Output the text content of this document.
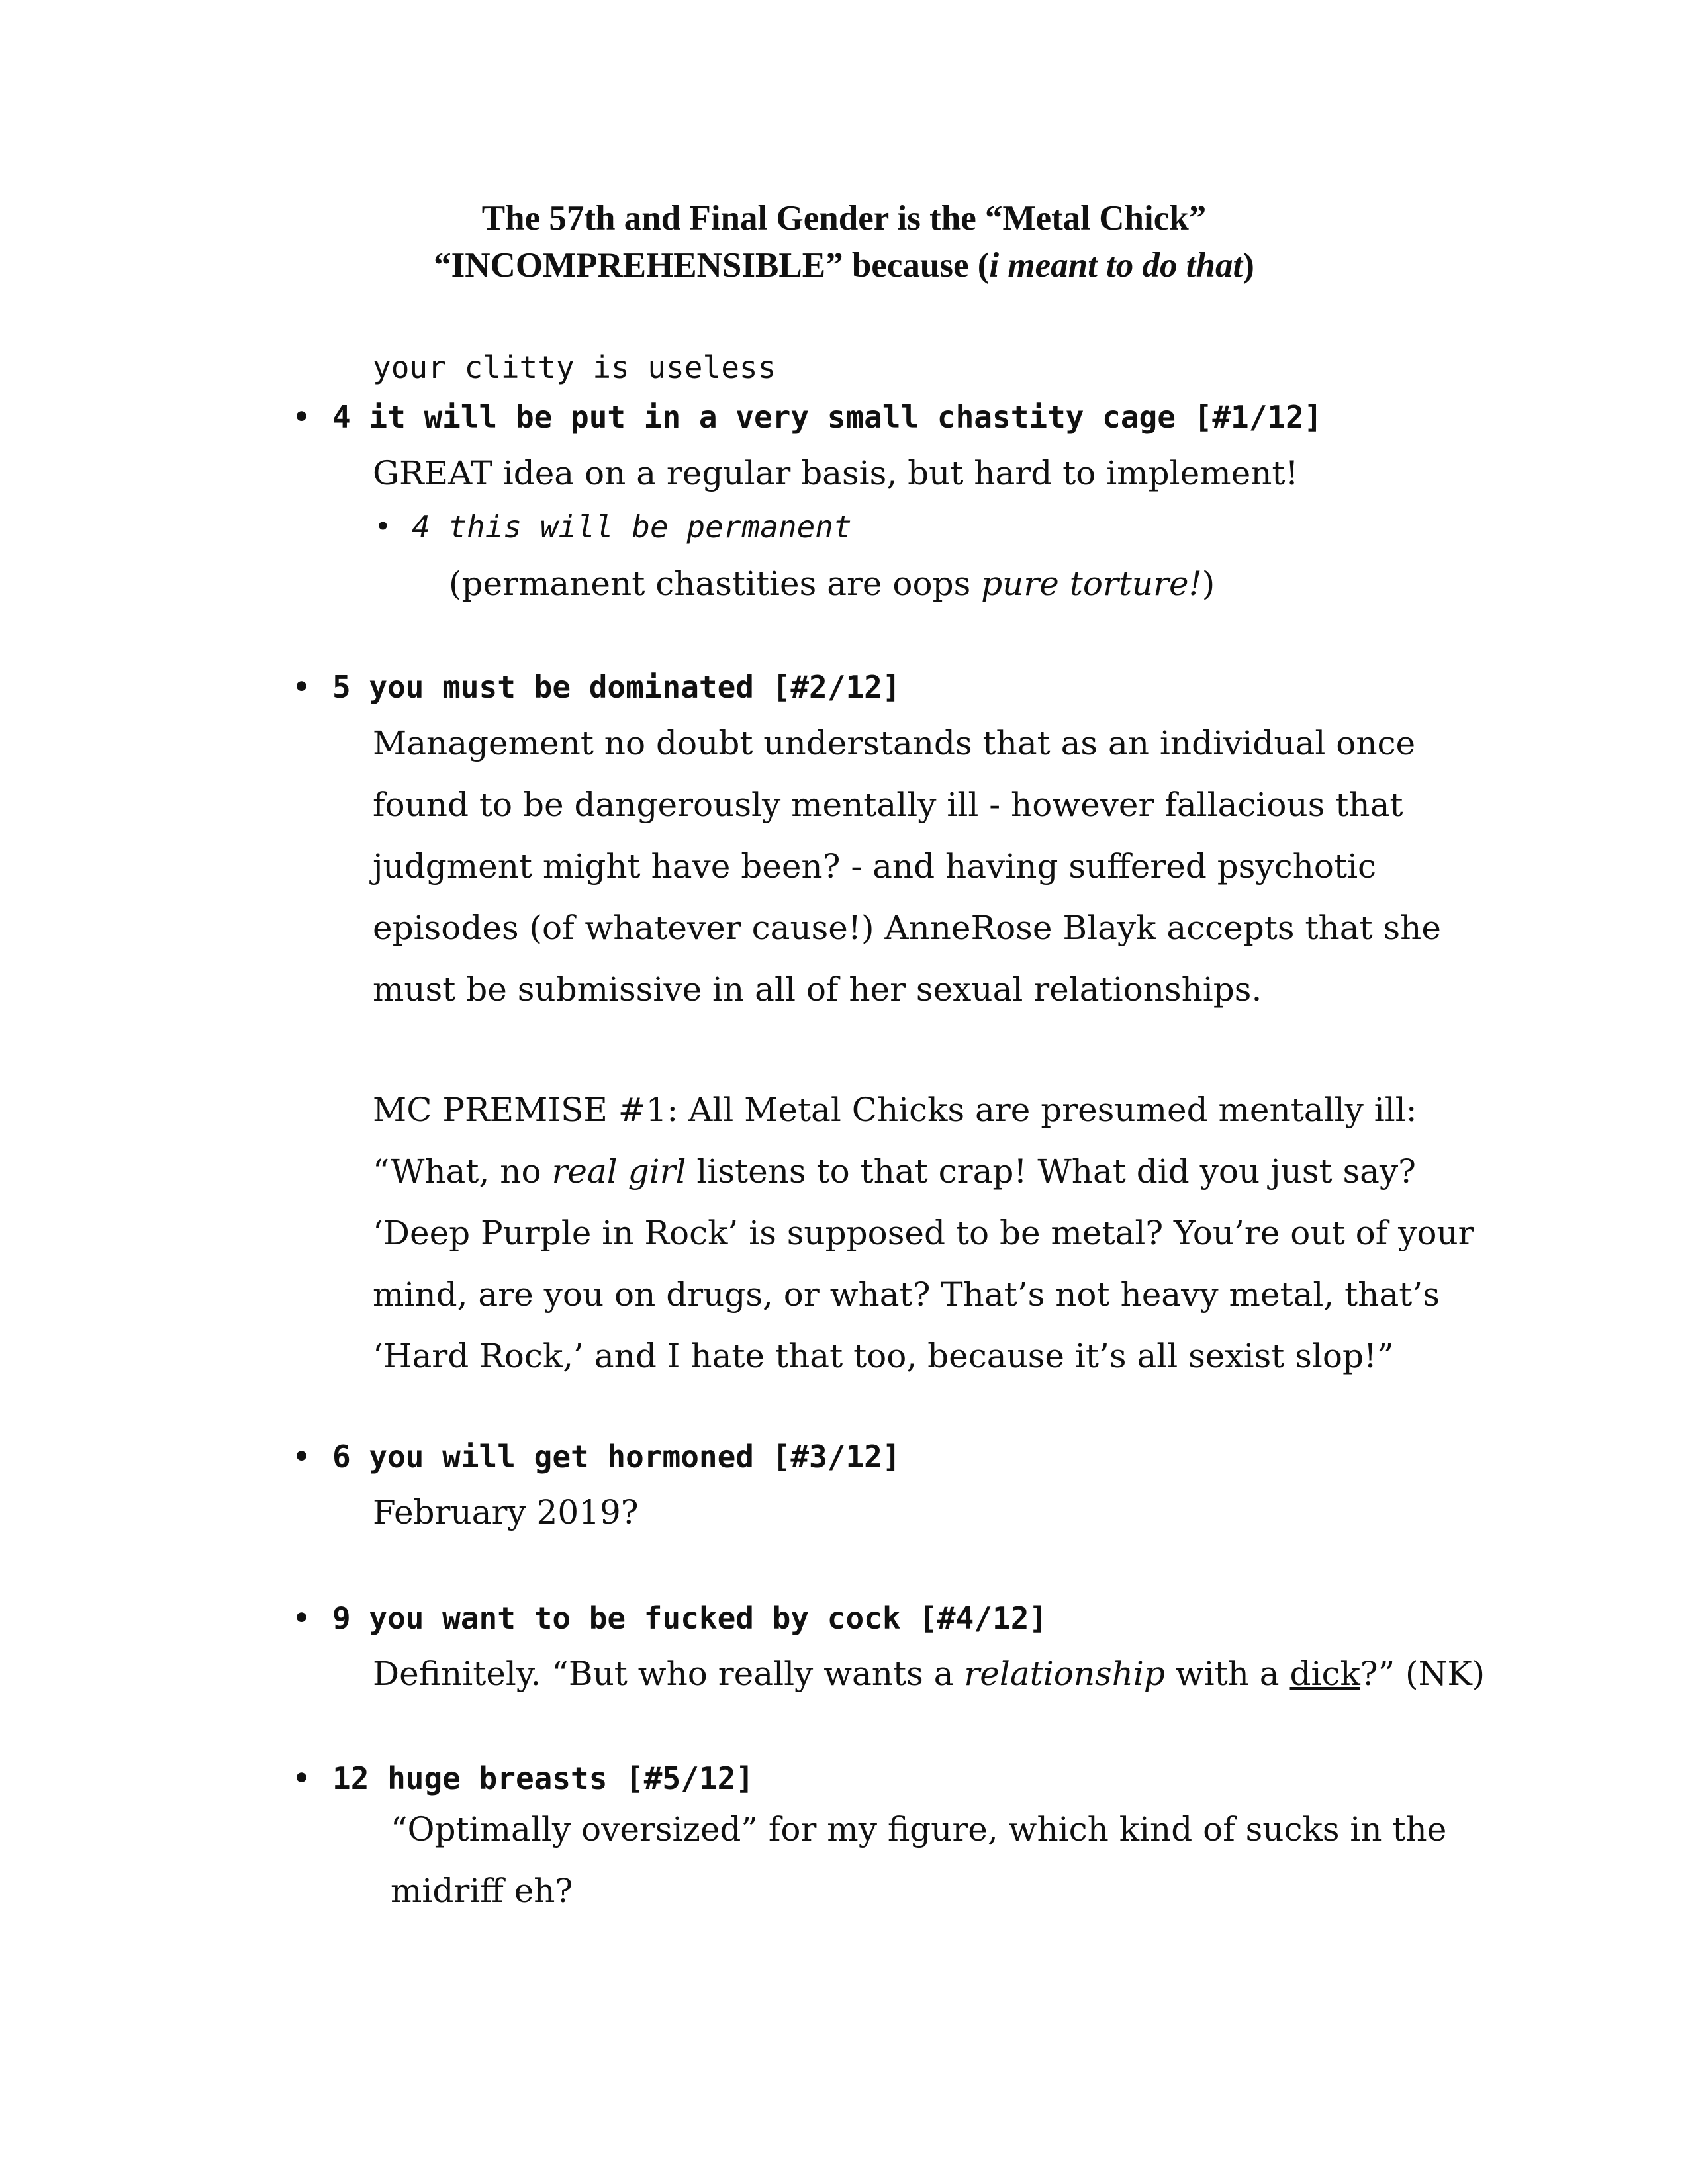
The 57th and Final Gender is the “Metal Chick”
“INCOMPREHENSIBLE” because (i meant to do that)
your clitty is useless
• 4 it will be put in a very small chastity cage [#1/12]
GREAT idea on a regular basis, but hard to implement!
• 4 this will be permanent
(permanent chastities are oops pure torture!)
• 5 you must be dominated [#2/12]
Management no doubt understands that as an individual once
found to be dangerously mentally ill - however fallacious that
judgment might have been? - and having suffered psychotic
episodes (of whatever cause!) AnneRose Blayk accepts that she
must be submissive in all of her sexual relationships.
MC PREMISE #1: All Metal Chicks are presumed mentally ill:
“What, no real girl listens to that crap! What did you just say?
‘Deep Purple in Rock’ is supposed to be metal? You’re out of your
mind, are you on drugs, or what? That’s not heavy metal, that’s
‘Hard Rock,’ and I hate that too, because it’s all sexist slop!”
• 6 you will get hormoned [#3/12]
February 2019?
• 9 you want to be fucked by cock [#4/12]
Definitely. “But who really wants a relationship with a dick?” (NK)
• 12 huge breasts [#5/12]
“Optimally oversized” for my figure, which kind of sucks in the
midriff eh?
